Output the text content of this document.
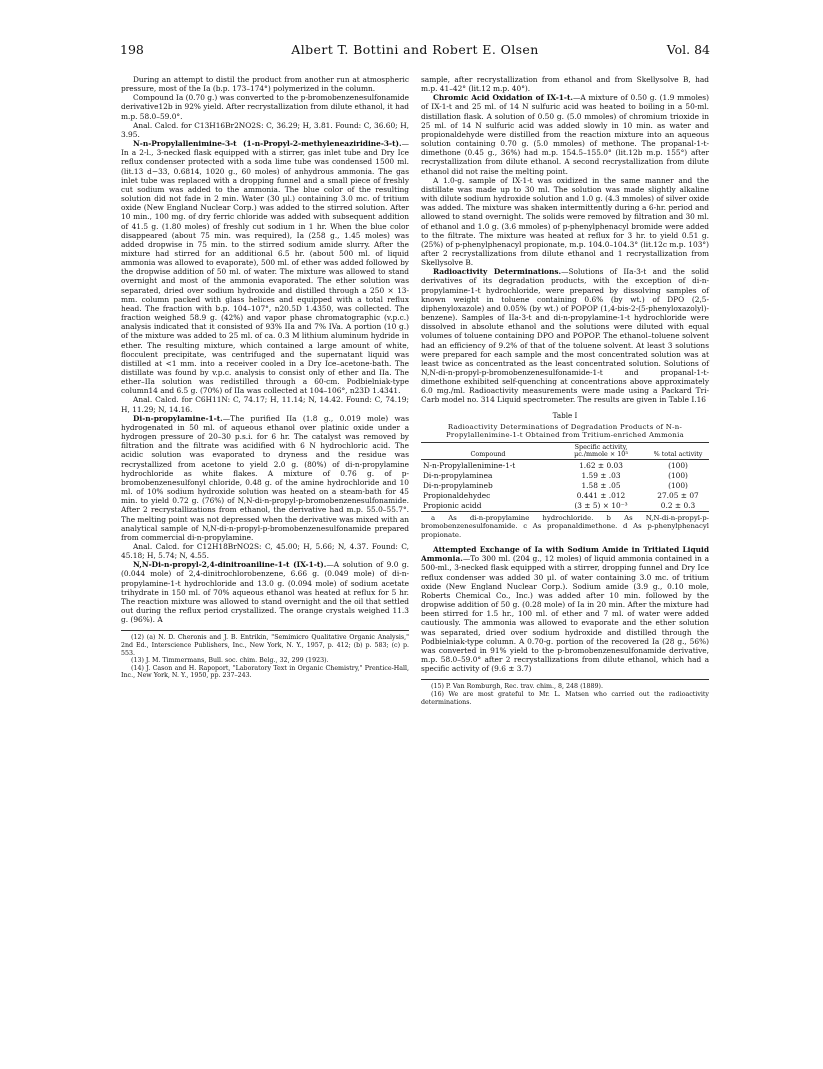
198	Albert T. Bottini and Robert E. Olsen	Vol. 84

During an attempt to distil the product from another run at atmospheric pressure, most of the Ia (b.p. 173–174°) polymerized in the column.

Compound Ia (0.70 g.) was converted to the p-bromobenzenesulfonamide derivative12b in 92% yield. After recrystallization from dilute ethanol, it had m.p. 58.0–59.0°.

Anal. Calcd. for C13H16Br2NO2S: C, 36.29; H, 3.81. Found: C, 36.60; H, 3.95.

N-n-Propylallenimine-3-t (1-n-Propyl-2-methyleneaziridine-3-t).—In a 2-l., 3-necked flask equipped with a stirrer, gas inlet tube and Dry Ice reflux condenser protected with a soda lime tube was condensed 1500 ml. (lit.13 d−33, 0.6814, 1020 g., 60 moles) of anhydrous ammonia. The gas inlet tube was replaced with a dropping funnel and a small piece of freshly cut sodium was added to the ammonia. The blue color of the resulting solution did not fade in 2 min. Water (30 µl.) containing 3.0 mc. of tritium oxide (New England Nuclear Corp.) was added to the stirred solution. After 10 min., 100 mg. of dry ferric chloride was added with subsequent addition of 41.5 g. (1.80 moles) of freshly cut sodium in 1 hr. When the blue color disappeared (about 75 min. was required), Ia (258 g., 1.45 moles) was added dropwise in 75 min. to the stirred sodium amide slurry. After the mixture had stirred for an additional 6.5 hr. (about 500 ml. of liquid ammonia was allowed to evaporate), 500 ml. of ether was added followed by the dropwise addition of 50 ml. of water. The mixture was allowed to stand overnight and most of the ammonia evaporated. The ether solution was separated, dried over sodium hydroxide and distilled through a 250 × 13-mm. column packed with glass helices and equipped with a total reflux head. The fraction with b.p. 104–107°, n20.5D 1.4350, was collected. The fraction weighed 58.9 g. (42%) and vapor phase chromatographic (v.p.c.) analysis indicated that it consisted of 93% IIa and 7% IVa. A portion (10 g.) of the mixture was added to 25 ml. of ca. 0.3 M lithium aluminum hydride in ether. The resulting mixture, which contained a large amount of white, flocculent precipitate, was centrifuged and the supernatant liquid was distilled at <1 mm. into a receiver cooled in a Dry Ice–acetone-bath. The distillate was found by v.p.c. analysis to consist only of ether and IIa. The ether–IIa solution was redistilled through a 60-cm. Podbielniak-type column14 and 6.5 g. (70%) of IIa was collected at 104–106°, n23D 1.4341.

Anal. Calcd. for C6H11N: C, 74.17; H, 11.14; N, 14.42. Found: C, 74.19; H, 11.29; N, 14.16.

Di-n-propylamine-1-t.—The purified IIa (1.8 g., 0.019 mole) was hydrogenated in 50 ml. of aqueous ethanol over platinic oxide under a hydrogen pressure of 20–30 p.s.i. for 6 hr. The catalyst was removed by filtration and the filtrate was acidified with 6 N hydrochloric acid. The acidic solution was evaporated to dryness and the residue was recrystallized from acetone to yield 2.0 g. (80%) of di-n-propylamine hydrochloride as white flakes. A mixture of 0.76 g. of p-bromobenzenesulfonyl chloride, 0.48 g. of the amine hydrochloride and 10 ml. of 10% sodium hydroxide solution was heated on a steam-bath for 45 min. to yield 0.72 g. (76%) of N,N-di-n-propyl-p-bromobenzenesulfonamide. After 2 recrystallizations from ethanol, the derivative had m.p. 55.0–55.7°. The melting point was not depressed when the derivative was mixed with an analytical sample of N,N-di-n-propyl-p-bromobenzenesulfonamide prepared from commercial di-n-propylamine.

Anal. Calcd. for C12H18BrNO2S: C, 45.00; H, 5.66; N, 4.37. Found: C, 45.18; H, 5.74; N, 4.55.

N,N-Di-n-propyl-2,4-dinitroaniline-1-t (IX-1-t).—A solution of 9.0 g. (0.044 mole) of 2,4-dinitrochlorobenzene, 6.66 g. (0.049 mole) of di-n-propylamine-1-t hydrochloride and 13.0 g. (0.094 mole) of sodium acetate trihydrate in 150 ml. of 70% aqueous ethanol was heated at reflux for 5 hr. The reaction mixture was allowed to stand overnight and the oil that settled out during the reflux period crystallized. The orange crystals weighed 11.3 g. (96%). A

(12) (a) N. D. Cheronis and J. B. Entrikin, "Semimicro Qualitative Organic Analysis," 2nd Ed., Interscience Publishers, Inc., New York, N. Y., 1957, p. 412; (b) p. 583; (c) p. 553.
(13) J. M. Timmermans, Bull. soc. chim. Belg., 32, 299 (1923).
(14) J. Cason and H. Rapoport, "Laboratory Text in Organic Chemistry," Prentice-Hall, Inc., New York, N. Y., 1950, pp. 237–243.

sample, after recrystallization from ethanol and from Skellysolve B, had m.p. 41–42° (lit.12 m.p. 40°).

Chromic Acid Oxidation of IX-1-t.—A mixture of 0.50 g. (1.9 mmoles) of IX-1-t and 25 ml. of 14 N sulfuric acid was heated to boiling in a 50-ml. distillation flask. A solution of 0.50 g. (5.0 mmoles) of chromium trioxide in 25 ml. of 14 N sulfuric acid was added slowly in 10 min. as water and propionaldehyde were distilled from the reaction mixture into an aqueous solution containing 0.70 g. (5.0 mmoles) of methone. The propanal-1-t-dimethone (0.45 g., 36%) had m.p. 154.5–155.0° (lit.12b m.p. 155°) after recrystallization from dilute ethanol. A second recrystallization from dilute ethanol did not raise the melting point.

A 1.0-g. sample of IX-1-t was oxidized in the same manner and the distillate was made up to 30 ml. The solution was made slightly alkaline with dilute sodium hydroxide solution and 1.0 g. (4.3 mmoles) of silver oxide was added. The mixture was shaken intermittently during a 6-hr. period and allowed to stand overnight. The solids were removed by filtration and 30 ml. of ethanol and 1.0 g. (3.6 mmoles) of p-phenylphenacyl bromide were added to the filtrate. The mixture was heated at reflux for 3 hr. to yield 0.51 g. (25%) of p-phenylphenacyl propionate, m.p. 104.0–104.3° (lit.12c m.p. 103°) after 2 recrystallizations from dilute ethanol and 1 recrystallization from Skellysolve B.

Radioactivity Determinations.—Solutions of IIa-3-t and the solid derivatives of its degradation products, with the exception of di-n-propylamine-1-t hydrochloride, were prepared by dissolving samples of known weight in toluene containing 0.6% (by wt.) of DPO (2,5-diphenyloxazole) and 0.05% (by wt.) of POPOP (1,4-bis-2-(5-phenyloxazolyl)-benzene). Samples of IIa-3-t and di-n-propylamine-1-t hydrochloride were dissolved in absolute ethanol and the solutions were diluted with equal volumes of toluene containing DPO and POPOP. The ethanol–toluene solvent had an efficiency of 9.2% of that of the toluene solvent. At least 3 solutions were prepared for each sample and the most concentrated solution was at least twice as concentrated as the least concentrated solution. Solutions of N,N-di-n-propyl-p-bromobenzenesulfonamide-1-t and propanal-1-t-dimethone exhibited self-quenching at concentrations above approximately 6.0 mg./ml. Radioactivity measurements were made using a Packard Tri-Carb model no. 314 Liquid spectrometer. The results are given in Table I.16

Table I
Radioactivity Determinations of Degradation Products of N-n-Propylallenimine-1-t Obtained from Tritium-enriched Ammonia
Compound	Specific activity, µc./mmole × 10³	% total activity
N-n-Propylallenimine-1-t	1.62 ± 0.03	(100)
Di-n-propylaminea	1.59 ± .03	(100)
Di-n-propylamineb	1.58 ± .05	(100)
Propionaldehydec	0.441 ± .012	27.05 ± 07
Propionic acidd	(3 ± 5) × 10⁻³	0.2 ± 0.3
a As di-n-propylamine hydrochloride. b As N,N-di-n-propyl-p-bromobenzenesulfonamide. c As propanaldimethone. d As p-phenylphenacyl propionate.

Attempted Exchange of Ia with Sodium Amide in Tritiated Liquid Ammonia.—To 300 ml. (204 g., 12 moles) of liquid ammonia contained in a 500-ml., 3-necked flask equipped with a stirrer, dropping funnel and Dry Ice reflux condenser was added 30 µl. of water containing 3.0 mc. of tritium oxide (New England Nuclear Corp.). Sodium amide (3.9 g., 0.10 mole, Roberts Chemical Co., Inc.) was added after 10 min. followed by the dropwise addition of 50 g. (0.28 mole) of Ia in 20 min. After the mixture had been stirred for 1.5 hr., 100 ml. of ether and 7 ml. of water were added cautiously. The ammonia was allowed to evaporate and the ether solution was separated, dried over sodium hydroxide and distilled through the Podbielniak-type column. A 0.70-g. portion of the recovered Ia (28 g., 56%) was converted in 91% yield to the p-bromobenzenesulfonamide derivative, m.p. 58.0–59.0° after 2 recrystallizations from dilute ethanol, which had a specific activity of (9.6 ± 3.7)

(15) P. Van Romburgh, Rec. trav. chim., 8, 248 (1889).
(16) We are most grateful to Mr. L. Matsen who carried out the radioactivity determinations.
